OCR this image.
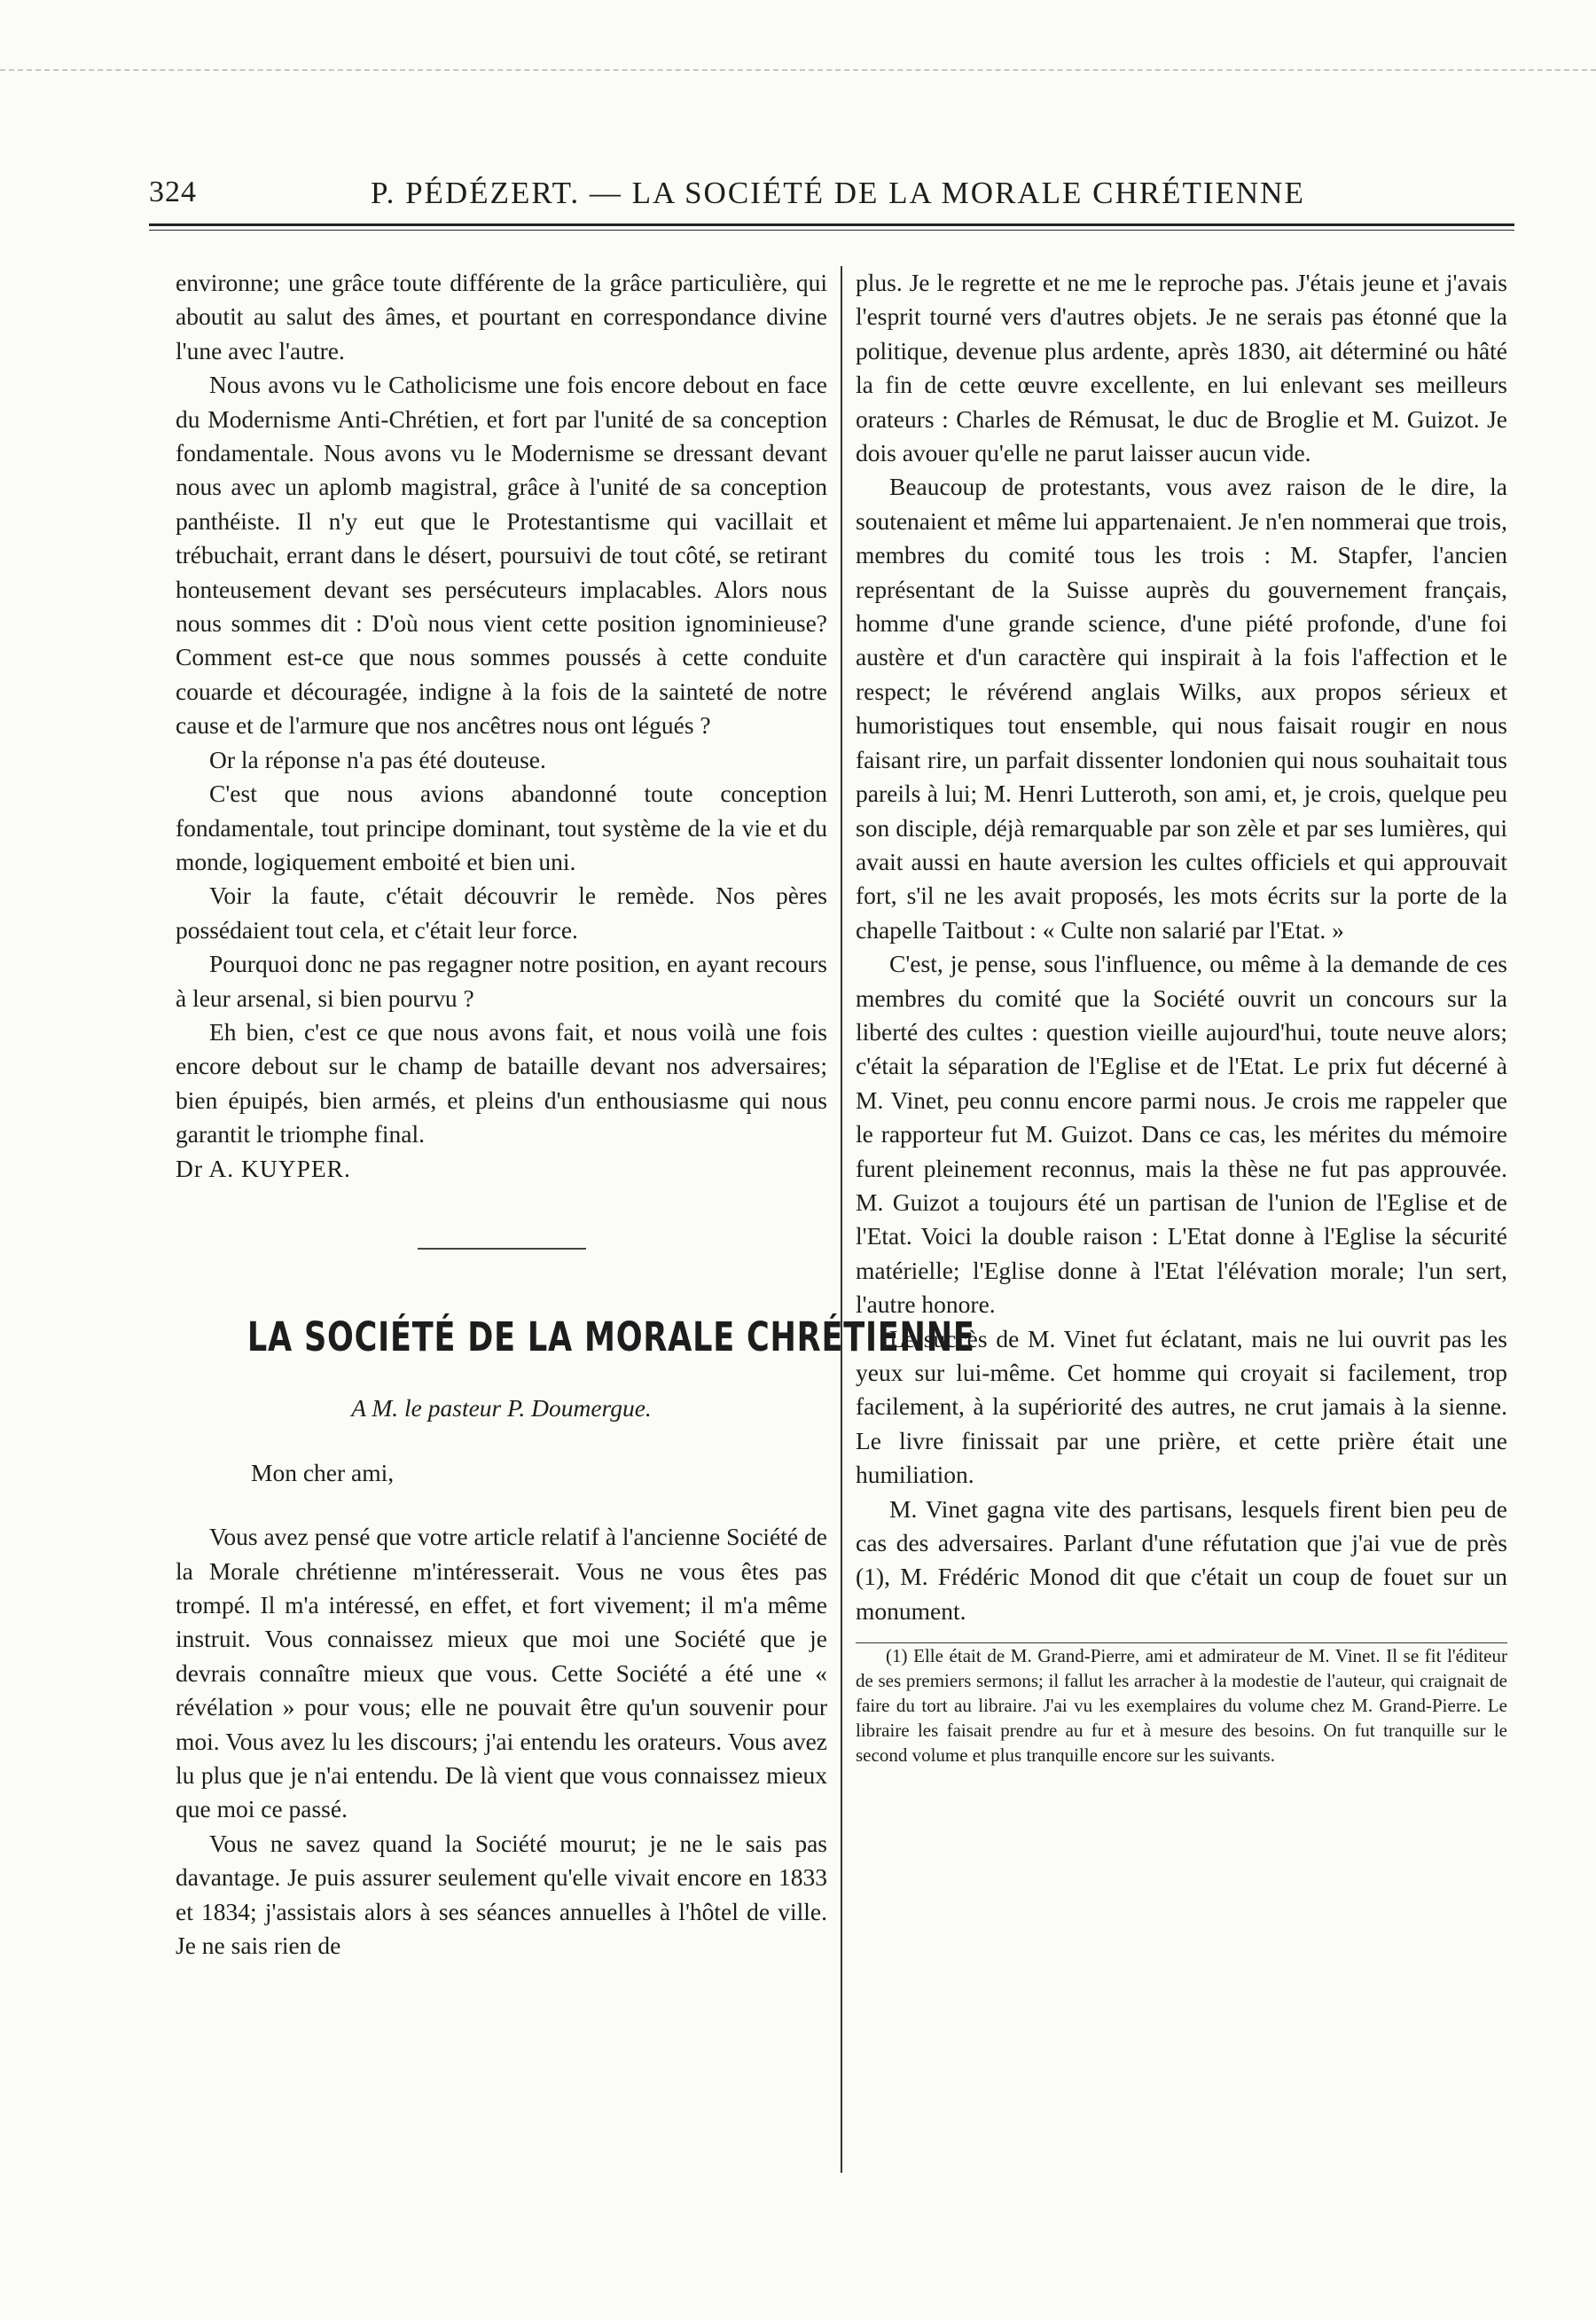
324	P. PÉDÉZERT. — LA SOCIÉTÉ DE LA MORALE CHRÉTIENNE

environne; une grâce toute différente de la grâce particulière, qui aboutit au salut des âmes, et pourtant en correspondance divine l'une avec l'autre.

Nous avons vu le Catholicisme une fois encore debout en face du Modernisme Anti-Chrétien, et fort par l'unité de sa conception fondamentale. Nous avons vu le Modernisme se dressant devant nous avec un aplomb magistral, grâce à l'unité de sa conception panthéiste. Il n'y eut que le Protestantisme qui vacillait et trébuchait, errant dans le désert, poursuivi de tout côté, se retirant honteusement devant ses persécuteurs implacables. Alors nous nous sommes dit : D'où nous vient cette position ignominieuse? Comment est-ce que nous sommes poussés à cette conduite couarde et découragée, indigne à la fois de la sainteté de notre cause et de l'armure que nos ancêtres nous ont légués ?

Or la réponse n'a pas été douteuse.

C'est que nous avions abandonné toute conception fondamentale, tout principe dominant, tout système de la vie et du monde, logiquement emboité et bien uni.

Voir la faute, c'était découvrir le remède. Nos pères possédaient tout cela, et c'était leur force.

Pourquoi donc ne pas regagner notre position, en ayant recours à leur arsenal, si bien pourvu ?

Eh bien, c'est ce que nous avons fait, et nous voilà une fois encore debout sur le champ de bataille devant nos adversaires; bien épuipés, bien armés, et pleins d'un enthousiasme qui nous garantit le triomphe final.

Dr A. KUYPER.

LA SOCIÉTÉ DE LA MORALE CHRÉTIENNE
A M. le pasteur P. Doumergue.
Mon cher ami,

Vous avez pensé que votre article relatif à l'ancienne Société de la Morale chrétienne m'intéresserait. Vous ne vous êtes pas trompé. Il m'a intéressé, en effet, et fort vivement; il m'a même instruit. Vous connaissez mieux que moi une Société que je devrais connaître mieux que vous. Cette Société a été une « révélation » pour vous; elle ne pouvait être qu'un souvenir pour moi. Vous avez lu les discours; j'ai entendu les orateurs. Vous avez lu plus que je n'ai entendu. De là vient que vous connaissez mieux que moi ce passé.

Vous ne savez quand la Société mourut; je ne le sais pas davantage. Je puis assurer seulement qu'elle vivait encore en 1833 et 1834; j'assistais alors à ses séances annuelles à l'hôtel de ville. Je ne sais rien de

plus. Je le regrette et ne me le reproche pas. J'étais jeune et j'avais l'esprit tourné vers d'autres objets. Je ne serais pas étonné que la politique, devenue plus ardente, après 1830, ait déterminé ou hâté la fin de cette œuvre excellente, en lui enlevant ses meilleurs orateurs : Charles de Rémusat, le duc de Broglie et M. Guizot. Je dois avouer qu'elle ne parut laisser aucun vide.

Beaucoup de protestants, vous avez raison de le dire, la soutenaient et même lui appartenaient. Je n'en nommerai que trois, membres du comité tous les trois : M. Stapfer, l'ancien représentant de la Suisse auprès du gouvernement français, homme d'une grande science, d'une piété profonde, d'une foi austère et d'un caractère qui inspirait à la fois l'affection et le respect; le révérend anglais Wilks, aux propos sérieux et humoristiques tout ensemble, qui nous faisait rougir en nous faisant rire, un parfait dissenter londonien qui nous souhaitait tous pareils à lui; M. Henri Lutteroth, son ami, et, je crois, quelque peu son disciple, déjà remarquable par son zèle et par ses lumières, qui avait aussi en haute aversion les cultes officiels et qui approuvait fort, s'il ne les avait proposés, les mots écrits sur la porte de la chapelle Taitbout : « Culte non salarié par l'Etat. »

C'est, je pense, sous l'influence, ou même à la demande de ces membres du comité que la Société ouvrit un concours sur la liberté des cultes : question vieille aujourd'hui, toute neuve alors; c'était la séparation de l'Eglise et de l'Etat. Le prix fut décerné à M. Vinet, peu connu encore parmi nous. Je crois me rappeler que le rapporteur fut M. Guizot. Dans ce cas, les mérites du mémoire furent pleinement reconnus, mais la thèse ne fut pas approuvée. M. Guizot a toujours été un partisan de l'union de l'Eglise et de l'Etat. Voici la double raison : L'Etat donne à l'Eglise la sécurité matérielle; l'Eglise donne à l'Etat l'élévation morale; l'un sert, l'autre honore.

Le succès de M. Vinet fut éclatant, mais ne lui ouvrit pas les yeux sur lui-même. Cet homme qui croyait si facilement, trop facilement, à la supériorité des autres, ne crut jamais à la sienne. Le livre finissait par une prière, et cette prière était une humiliation.

M. Vinet gagna vite des partisans, lesquels firent bien peu de cas des adversaires. Parlant d'une réfutation que j'ai vue de près (1), M. Frédéric Monod dit que c'était un coup de fouet sur un monument.

(1) Elle était de M. Grand-Pierre, ami et admirateur de M. Vinet. Il se fit l'éditeur de ses premiers sermons; il fallut les arracher à la modestie de l'auteur, qui craignait de faire du tort au libraire. J'ai vu les exemplaires du volume chez M. Grand-Pierre. Le libraire les faisait prendre au fur et à mesure des besoins. On fut tranquille sur le second volume et plus tranquille encore sur les suivants.
